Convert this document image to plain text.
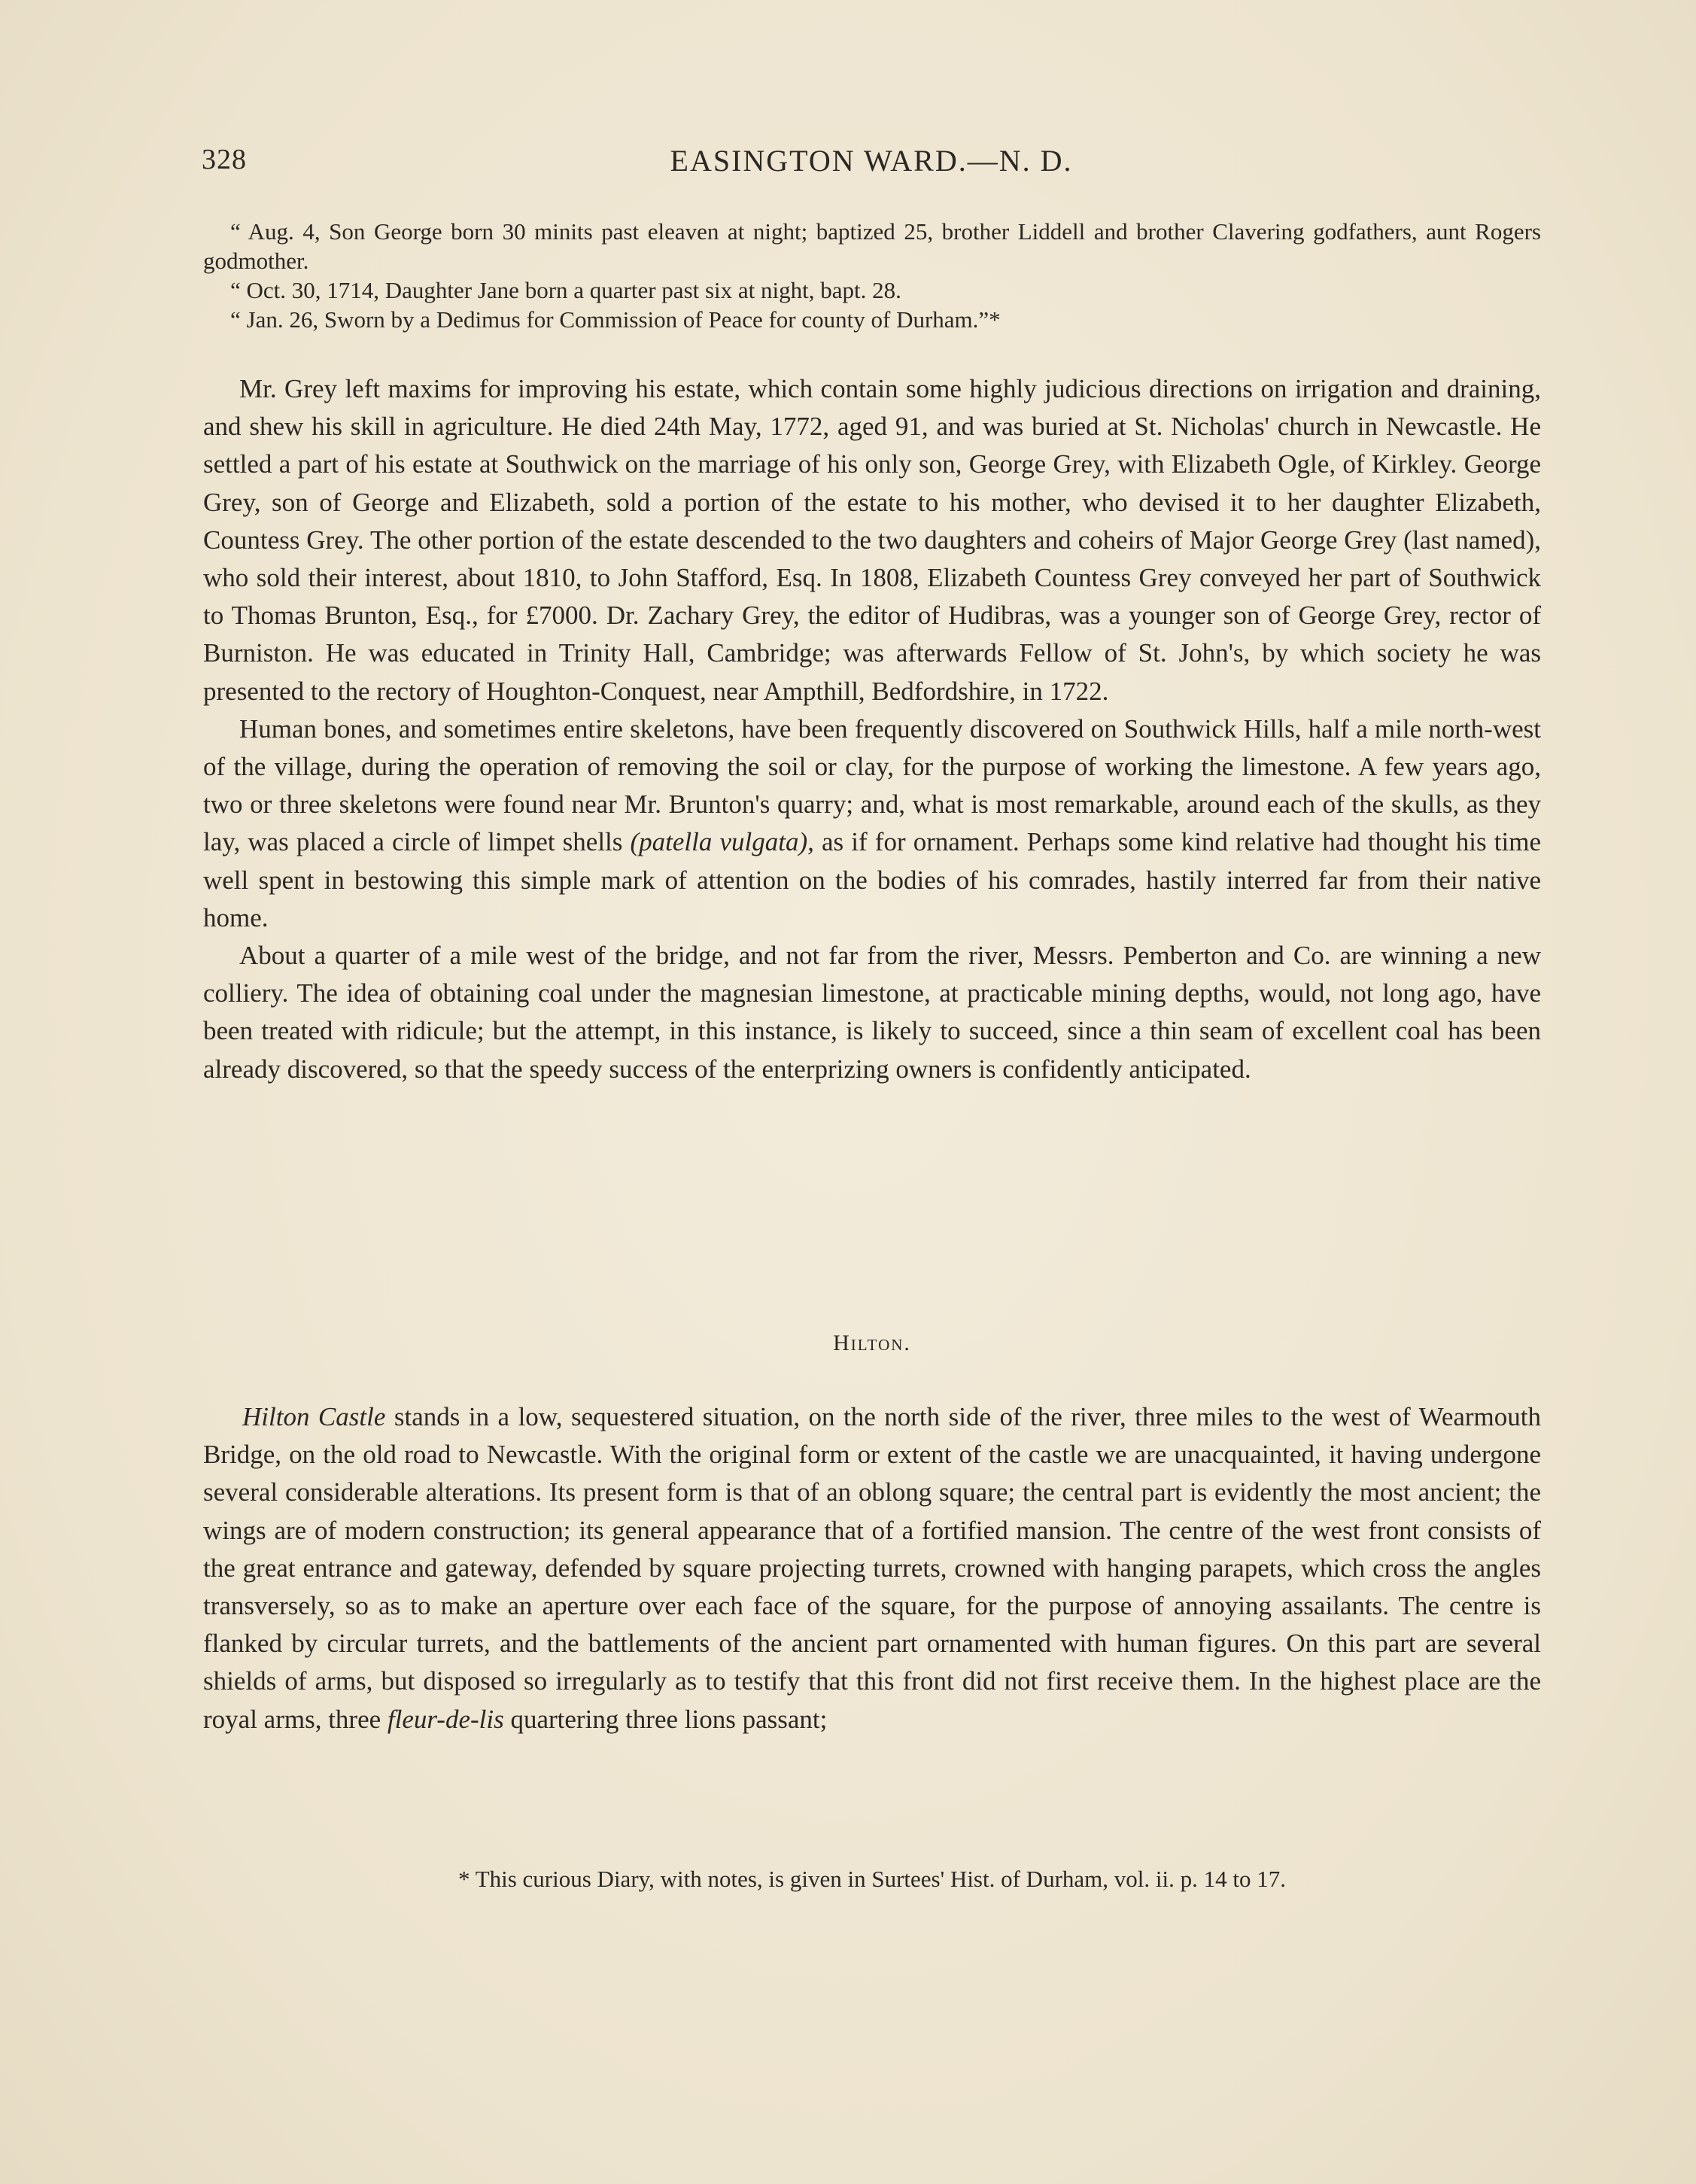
328	EASINGTON WARD.—N. D.

“ Aug. 4, Son George born 30 minits past eleaven at night; baptized 25, brother Liddell and brother Clavering godfathers, aunt Rogers godmother.

“ Oct. 30, 1714, Daughter Jane born a quarter past six at night, bapt. 28.

“ Jan. 26, Sworn by a Dedimus for Commission of Peace for county of Durham.”*

Mr. Grey left maxims for improving his estate, which contain some highly judicious directions on irrigation and draining, and shew his skill in agriculture. He died 24th May, 1772, aged 91, and was buried at St. Nicholas' church in Newcastle. He settled a part of his estate at Southwick on the marriage of his only son, George Grey, with Elizabeth Ogle, of Kirkley. George Grey, son of George and Elizabeth, sold a portion of the estate to his mother, who devised it to her daughter Elizabeth, Countess Grey. The other portion of the estate descended to the two daughters and coheirs of Major George Grey (last named), who sold their interest, about 1810, to John Stafford, Esq. In 1808, Elizabeth Countess Grey conveyed her part of Southwick to Thomas Brunton, Esq., for £7000. Dr. Zachary Grey, the editor of Hudibras, was a younger son of George Grey, rector of Burniston. He was educated in Trinity Hall, Cambridge; was afterwards Fellow of St. John's, by which society he was presented to the rectory of Houghton-Conquest, near Ampthill, Bedfordshire, in 1722.

Human bones, and sometimes entire skeletons, have been frequently discovered on Southwick Hills, half a mile north-west of the village, during the operation of removing the soil or clay, for the purpose of working the limestone. A few years ago, two or three skeletons were found near Mr. Brunton's quarry; and, what is most remarkable, around each of the skulls, as they lay, was placed a circle of limpet shells (patella vulgata), as if for ornament. Perhaps some kind relative had thought his time well spent in bestowing this simple mark of attention on the bodies of his comrades, hastily interred far from their native home.

About a quarter of a mile west of the bridge, and not far from the river, Messrs. Pemberton and Co. are winning a new colliery. The idea of obtaining coal under the magnesian limestone, at practicable mining depths, would, not long ago, have been treated with ridicule; but the attempt, in this instance, is likely to succeed, since a thin seam of excellent coal has been already discovered, so that the speedy success of the enterprizing owners is confidently anticipated.

Hilton.

Hilton Castle stands in a low, sequestered situation, on the north side of the river, three miles to the west of Wearmouth Bridge, on the old road to Newcastle. With the original form or extent of the castle we are unacquainted, it having undergone several considerable alterations. Its present form is that of an oblong square; the central part is evidently the most ancient; the wings are of modern construction; its general appearance that of a fortified mansion. The centre of the west front consists of the great entrance and gateway, defended by square projecting turrets, crowned with hanging parapets, which cross the angles transversely, so as to make an aperture over each face of the square, for the purpose of annoying assailants. The centre is flanked by circular turrets, and the battlements of the ancient part ornamented with human figures. On this part are several shields of arms, but disposed so irregularly as to testify that this front did not first receive them. In the highest place are the royal arms, three fleur-de-lis quartering three lions passant;

* This curious Diary, with notes, is given in Surtees' Hist. of Durham, vol. ii. p. 14 to 17.
